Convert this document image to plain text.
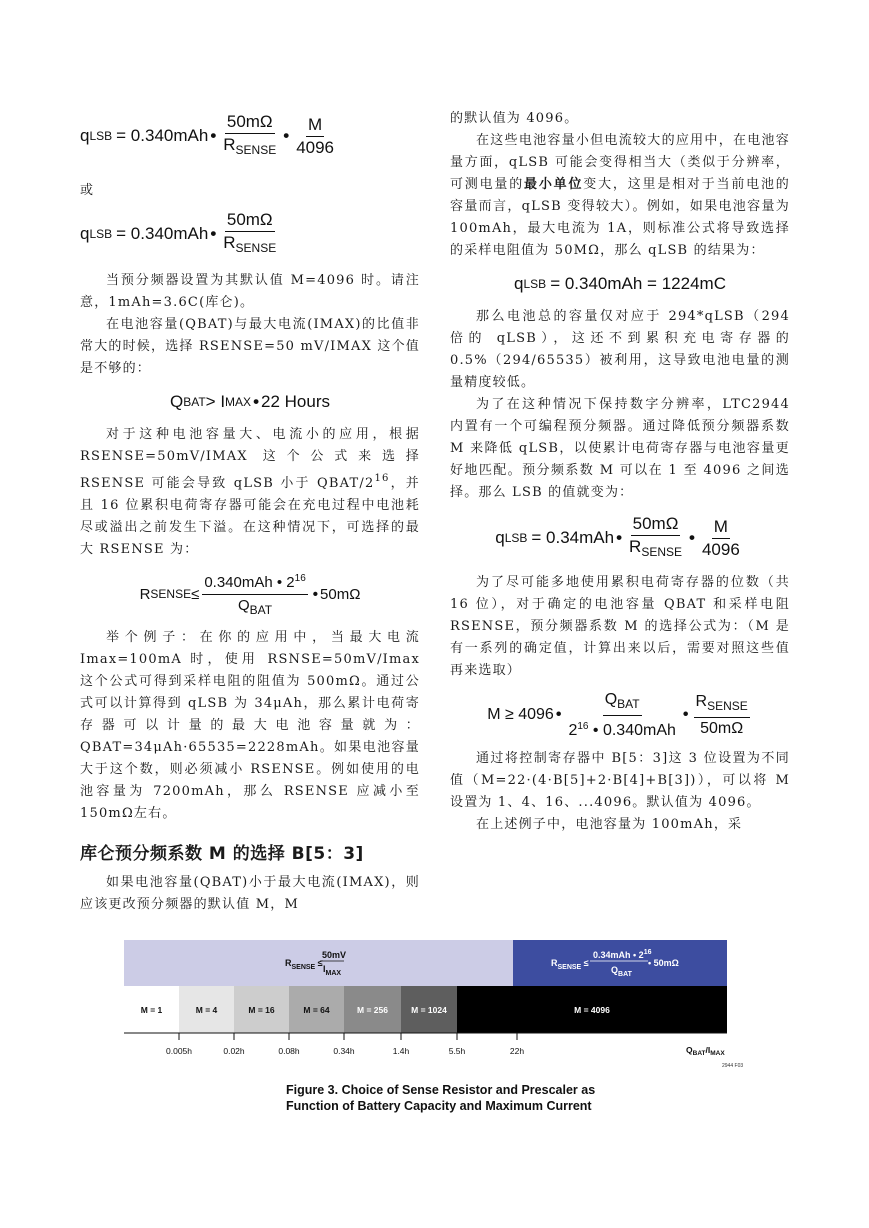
q LSB = 0.340mAh • $\frac{50m\Omega}{R_{SENSE}}$ • $\frac{M}{4096}$

或

q LSB = 0.340mAh • $\frac{50m\Omega}{R_{SENSE}}$

当预分频器设置为其默认值 M=4096 时。请注意，1mAh=3.6C(库仑)。

在电池容量(QBAT)与最大电流(IMAX)的比值非常大的时候，选择 RSENSE=50 mV/IMAX 这个值是不够的：

Q BAT > I MAX • 22 Hours

对于这种电池容量大、电流小的应用，根据 RSENSE=50mV/IMAX 这个公式来选择 RSENSE 可能会导致 qLSB 小于 QBAT/$2^{16}$，并且 16 位累积电荷寄存器可能会在充电过程中电池耗尽或溢出之前发生下溢。在这种情况下，可选择的最大 RSENSE 为：

R SENSE ≤ $\frac{0.340mAh • 2^{16}}{Q_{BAT}}$ • 50mΩ

举个例子：在你的应用中，当最大电流 Imax=100mA 时，使用 RSNSE=50mV/Imax 这个公式可得到采样电阻的阻值为 500mΩ。通过公式可以计算得到 qLSB 为 34μAh，那么累计电荷寄存器可以计量的最大电池容量就为：QBAT=34μAh·65535=2228mAh。如果电池容量大于这个数，则必须减小 RSENSE。例如使用的电池容量为 7200mAh，那么 RSENSE 应减小至 150mΩ左右。

库仑预分频系数 M 的选择 B[5：3]

如果电池容量(QBAT)小于最大电流(IMAX)，则应该更改预分频器的默认值 M，M

的默认值为 4096。

在这些电池容量小但电流较大的应用中，在电池容量方面，qLSB 可能会变得相当大（类似于分辨率，可测电量的最小单位变大，这里是相对于当前电池的容量而言，qLSB 变得较大）。例如，如果电池容量为 100mAh，最大电流为 1A，则标准公式将导致选择的采样电阻值为 50MΩ，那么 qLSB 的结果为：

q LSB = 0.340mAh = 1224mC

那么电池总的容量仅对应于 294*qLSB（294 倍的 qLSB），这还不到累积充电寄存器的 0.5%（294/65535）被利用，这导致电池电量的测量精度较低。

为了在这种情况下保持数字分辨率，LTC2944 内置有一个可编程预分频器。通过降低预分频器系数 M 来降低 qLSB，以使累计电荷寄存器与电池容量更好地匹配。预分频系数 M 可以在 1 至 4096 之间选择。那么 LSB 的值就变为：

q LSB = 0.34mAh • $\frac{50m\Omega}{R_{SENSE}}$ • $\frac{M}{4096}$

为了尽可能多地使用累积电荷寄存器的位数（共 16 位），对于确定的电池容量 QBAT 和采样电阻 RSENSE，预分频器系数 M 的选择公式为：（M 是有一系列的确定值，计算出来以后，需要对照这些值再来选取）

M ≥ 4096 • $\frac{Q_{BAT}}{2^{16} • 0.340mAh}$ • $\frac{R_{SENSE}}{50m\Omega}$

通过将控制寄存器中 B[5：3]这 3 位设置为不同值（M=22·(4·B[5]+2·B[4]+B[3])），可以将 M 设置为 1、4、16、...4096。默认值为 4096。

在上述例子中，电池容量为 100mAh，采

$R_{SENSE}$ ≤
50mV
$I_{MAX}$
$R_{SENSE}$ ≤
0.34mAh • $2^{16}$
$Q_{BAT}$
• 50mΩ
M = 1	M = 4	M = 16	M = 64	M = 256	M = 1024	M = 4096
0.005h	0.02h	0.08h	0.34h	1.4h	5.5h	22h	$Q_{BAT}/I_{MAX}$
2944 F03
Figure 3. Choice of Sense Resistor and Prescaler as
Function of Battery Capacity and Maximum Current
